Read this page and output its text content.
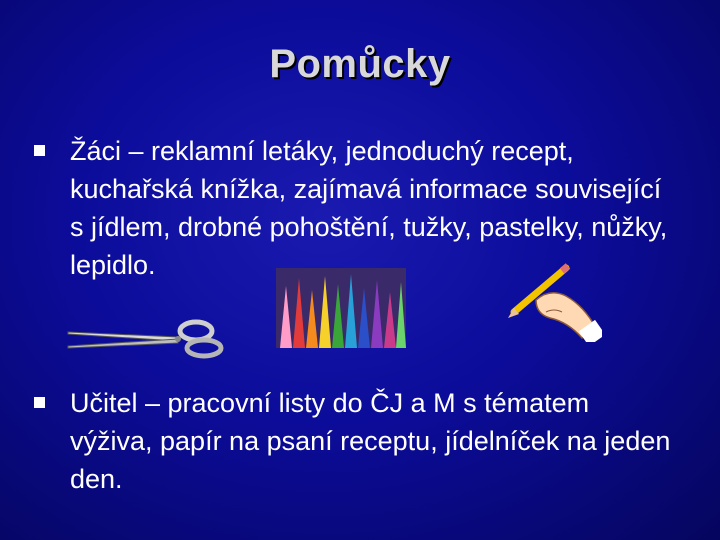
Pomůcky
Žáci – reklamní letáky, jednoduchý recept, kuchařská knížka, zajímavá informace související s jídlem, drobné pohoštění, tužky, pastelky, nůžky, lepidlo.
Učitel – pracovní listy do ČJ a M s tématem výživa, papír na psaní receptu, jídelníček na jeden den.
